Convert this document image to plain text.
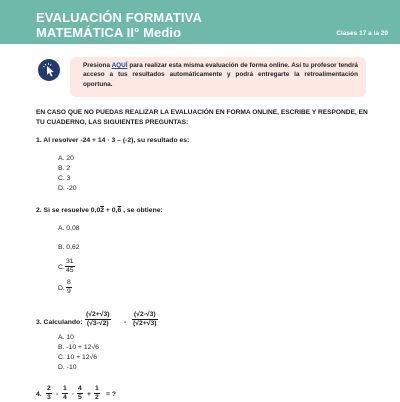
EVALUACIÓN FORMATIVA
MATEMÁTICA II° Medio	Clases 17 a la 20
Presiona AQUÍ para realizar esta misma evaluación de forma online. Así tu profesor tendrá acceso a tus resultados automáticamente y podrá entregarte la retroalimentación oportuna.
EN CASO QUE NO PUEDAS REALIZAR LA EVALUACIÓN EN FORMA ONLINE, ESCRIBE Y RESPONDE, EN TU CUADERNO, LAS SIGUIENTES PREGUNTAS:
1. Al resolver -24 + 14 · 3 – (-2), su resultado es:
A. 20
B. 2
C. 3
D. -20
2. Si se resuelve 0,02 + 0,6 , se obtiene:
A. 0,08
B. 0,62
C.
31
45
D.
8
9
3. Calculando:
(√2+√3)
(√3-√2) -
(√2-√3)
(√2+√3)
A. 10
B. -10 + 12√6
C. 10 + 12√6
D. -10
4.
2
3 -
1
4 ·
4
5 +
1
2 = ?
